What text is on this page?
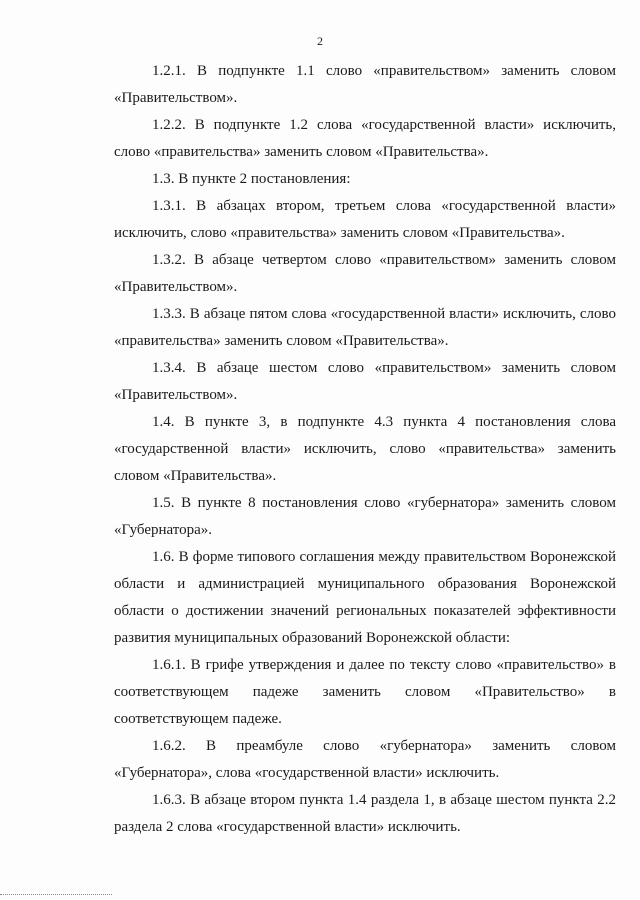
2

1.2.1. В подпункте 1.1 слово «правительством» заменить словом «Правительством».

1.2.2. В подпункте 1.2 слова «государственной власти» исключить, слово «правительства» заменить словом «Правительства».

1.3. В пункте 2 постановления:

1.3.1. В абзацах втором, третьем слова «государственной власти» исключить, слово «правительства» заменить словом «Правительства».

1.3.2. В абзаце четвертом слово «правительством» заменить словом «Правительством».

1.3.3. В абзаце пятом слова «государственной власти» исключить, слово «правительства» заменить словом «Правительства».

1.3.4. В абзаце шестом слово «правительством» заменить словом «Правительством».

1.4. В пункте 3, в подпункте 4.3 пункта 4 постановления слова «государственной власти» исключить, слово «правительства» заменить словом «Правительства».

1.5. В пункте 8 постановления слово «губернатора» заменить словом «Губернатора».

1.6. В форме типового соглашения между правительством Воронежской области и администрацией муниципального образования Воронежской области о достижении значений региональных показателей эффективности развития муниципальных образований Воронежской области:

1.6.1. В грифе утверждения и далее по тексту слово «правительство» в соответствующем падеже заменить словом «Правительство» в соответствующем падеже.

1.6.2. В преамбуле слово «губернатора» заменить словом «Губернатора», слова «государственной власти» исключить.

1.6.3. В абзаце втором пункта 1.4 раздела 1, в абзаце шестом пункта 2.2 раздела 2 слова «государственной власти» исключить.
